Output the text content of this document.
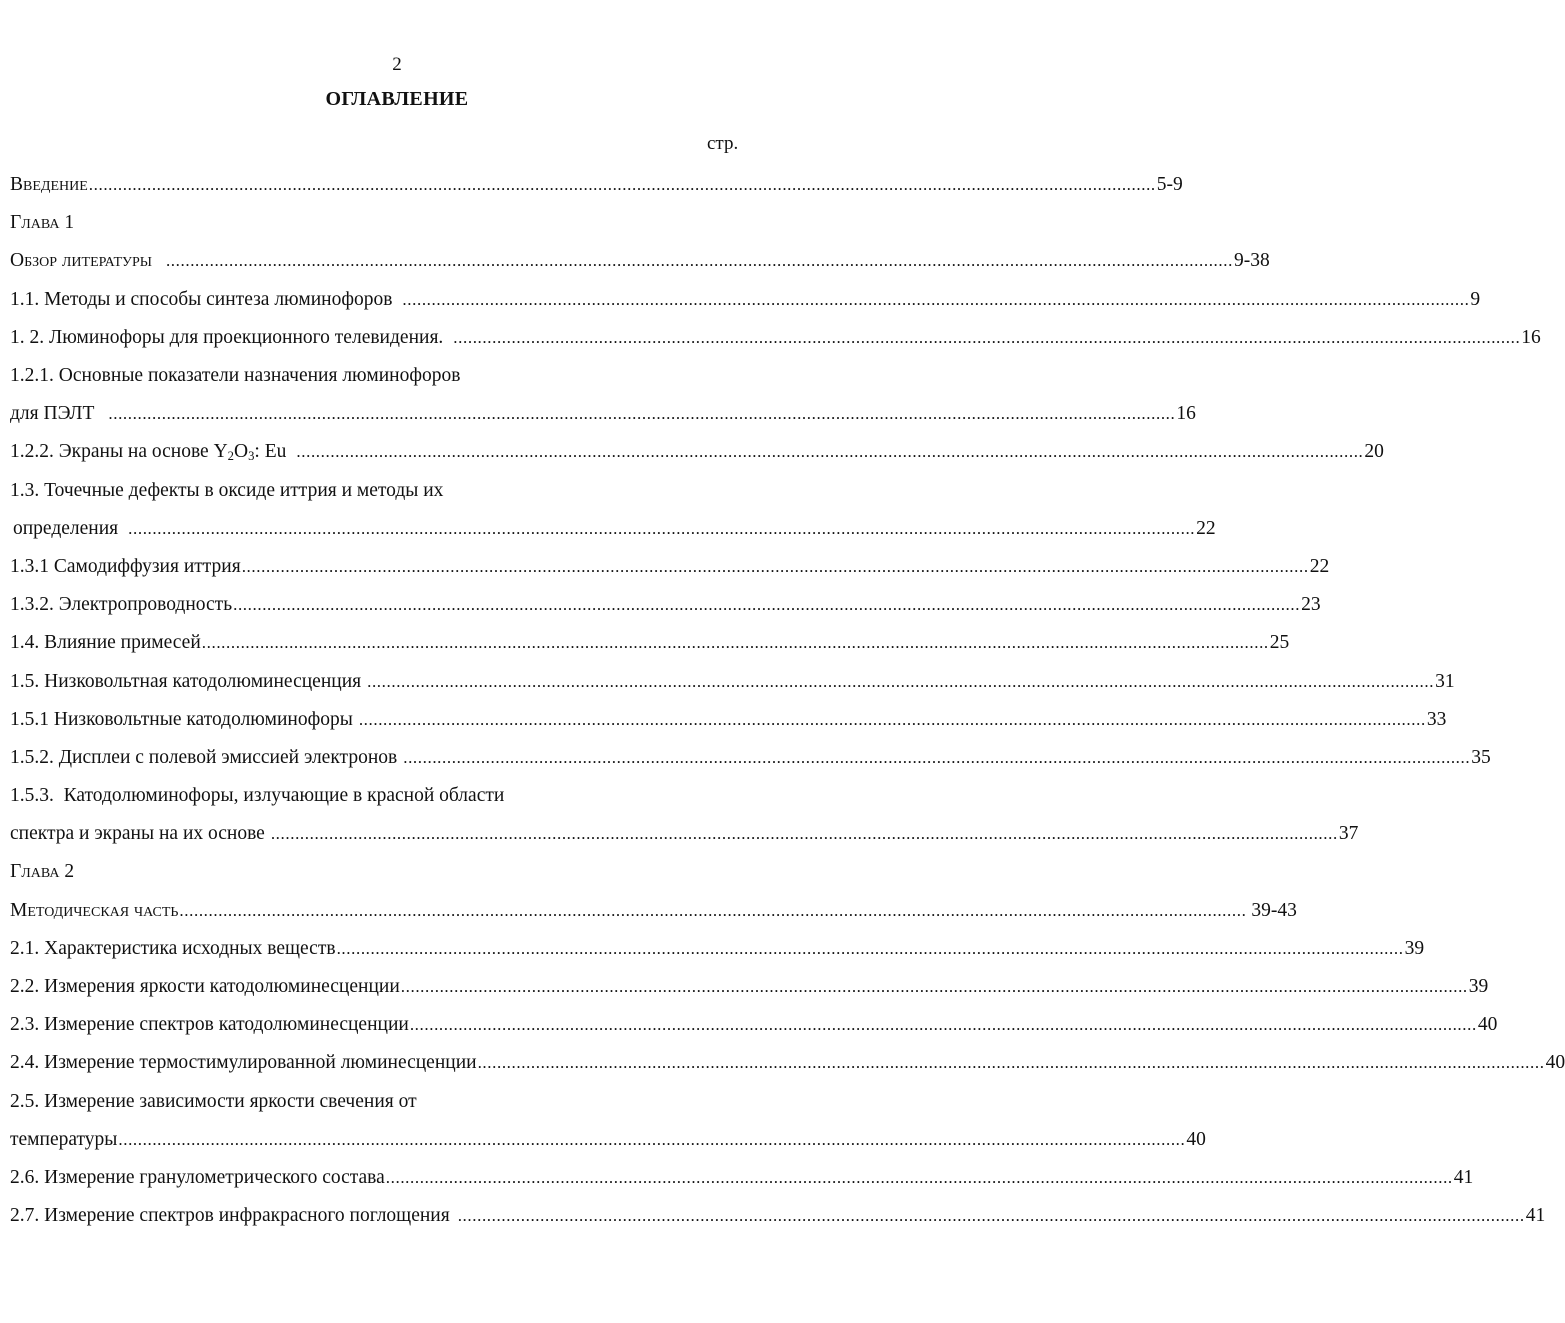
2
ОГЛАВЛЕНИЕ
стр.
Введение ............................................................................................................................................................................................................................ 5-9
Глава 1
Обзор литературы ............................................................................................................................................................................................................................ 9-38
1.1. Методы и способы синтеза люминофоров ............................................................................................................................................................................................................................ 9
1. 2. Люминофоры для проекционного телевидения. ............................................................................................................................................................................................................................ 16
1.2.1. Основные показатели назначения люминофоров
для ПЭЛТ ............................................................................................................................................................................................................................ 16
1.2.2. Экраны на основе $Y_2O_3$: Eu ............................................................................................................................................................................................................................ 20
1.3. Точечные дефекты в оксиде иттрия и методы их
определения ............................................................................................................................................................................................................................ 22
1.3.1 Самодиффузия иттрия ............................................................................................................................................................................................................................ 22
1.3.2. Электропроводность ............................................................................................................................................................................................................................ 23
1.4. Влияние примесей ............................................................................................................................................................................................................................ 25
1.5. Низковольтная катодолюминесценция ............................................................................................................................................................................................................................ 31
1.5.1 Низковольтные катодолюминофоры ............................................................................................................................................................................................................................ 33
1.5.2. Дисплеи с полевой эмиссией электронов ............................................................................................................................................................................................................................ 35
1.5.3.  Катодолюминофоры, излучающие в красной области
спектра и экраны на их основе ............................................................................................................................................................................................................................ 37
Глава 2
Методическая часть ............................................................................................................................................................................................................................ 39-43
2.1. Характеристика исходных веществ ............................................................................................................................................................................................................................ 39
2.2. Измерения яркости катодолюминесценции ............................................................................................................................................................................................................................ 39
2.3. Измерение спектров катодолюминесценции ............................................................................................................................................................................................................................ 40
2.4. Измерение термостимулированной люминесценции ............................................................................................................................................................................................................................ 40
2.5. Измерение зависимости яркости свечения от
температуры ............................................................................................................................................................................................................................ 40
2.6. Измерение гранулометрического состава ............................................................................................................................................................................................................................ 41
2.7. Измерение спектров инфракрасного поглощения ............................................................................................................................................................................................................................ 41
